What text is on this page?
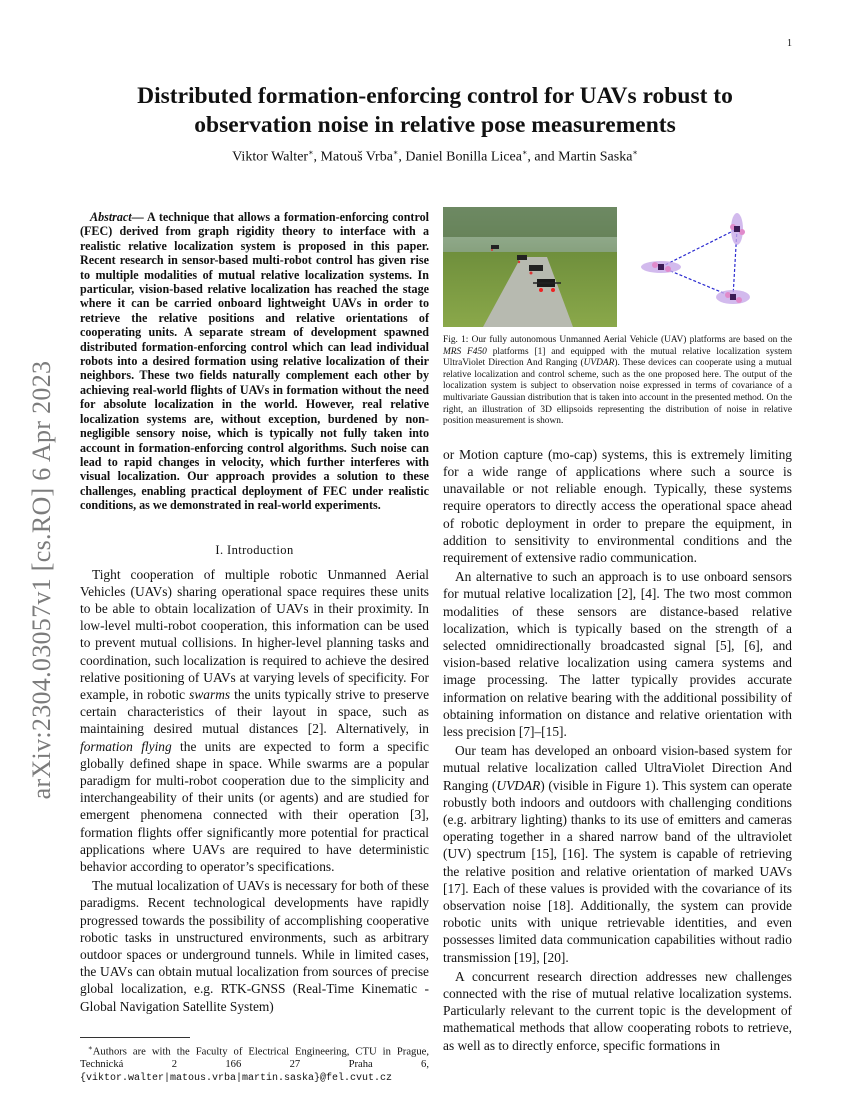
1
arXiv:2304.03057v1 [cs.RO] 6 Apr 2023
Distributed formation-enforcing control for UAVs robust to observation noise in relative pose measurements
Viktor Walter∗, Matouš Vrba∗, Daniel Bonilla Licea∗, and Martin Saska∗

Abstract— A technique that allows a formation-enforcing control (FEC) derived from graph rigidity theory to interface with a realistic relative localization system is proposed in this paper. Recent research in sensor-based multi-robot control has given rise to multiple modalities of mutual relative localization systems. In particular, vision-based relative localization has reached the stage where it can be carried onboard lightweight UAVs in order to retrieve the relative positions and relative orientations of cooperating units. A separate stream of development spawned distributed formation-enforcing control which can lead individual robots into a desired formation using relative localization of their neighbors. These two fields naturally complement each other by achieving real-world flights of UAVs in formation without the need for absolute localization in the world. However, real relative localization systems are, without exception, burdened by non-negligible sensory noise, which is typically not fully taken into account in formation-enforcing control algorithms. Such noise can lead to rapid changes in velocity, which further interferes with visual localization. Our approach provides a solution to these challenges, enabling practical deployment of FEC under realistic conditions, as we demonstrated in real-world experiments.

I. Introduction

Tight cooperation of multiple robotic Unmanned Aerial Vehicles (UAVs) sharing operational space requires these units to be able to obtain localization of UAVs in their proximity. In low-level multi-robot cooperation, this information can be used to prevent mutual collisions. In higher-level planning tasks and coordination, such localization is required to achieve the desired relative positioning of UAVs at varying levels of specificity. For example, in robotic swarms the units typically strive to preserve certain characteristics of their layout in space, such as maintaining desired mutual distances [2]. Alternatively, in formation flying the units are expected to form a specific globally defined shape in space. While swarms are a popular paradigm for multi-robot cooperation due to the simplicity and interchangeability of their units (or agents) and are studied for emergent phenomena connected with their operation [3], formation flights offer significantly more potential for practical applications where UAVs are required to have deterministic behavior according to operator’s specifications.

The mutual localization of UAVs is necessary for both of these paradigms. Recent technological developments have rapidly progressed towards the possibility of accomplishing cooperative robotic tasks in unstructured environments, such as arbitrary outdoor spaces or underground tunnels. While in limited cases, the UAVs can obtain mutual localization from sources of precise global localization, e.g. RTK-GNSS (Real-Time Kinematic - Global Navigation Satellite System)

∗Authors are with the Faculty of Electrical Engineering, CTU in Prague, Technická 2 166 27 Praha 6, {viktor.walter|matous.vrba|martin.saska}@fel.cvut.cz

Fig. 1: Our fully autonomous Unmanned Aerial Vehicle (UAV) platforms are based on the MRS F450 platforms [1] and equipped with the mutual relative localization system UltraViolet Direction And Ranging (UVDAR). These devices can cooperate using a mutual relative localization and control scheme, such as the one proposed here. The output of the localization system is subject to observation noise expressed in terms of covariance of a multivariate Gaussian distribution that is taken into account in the presented method. On the right, an illustration of 3D ellipsoids representing the distribution of noise in relative position measurement is shown.

or Motion capture (mo-cap) systems, this is extremely limiting for a wide range of applications where such a source is unavailable or not reliable enough. Typically, these systems require operators to directly access the operational space ahead of robotic deployment in order to prepare the equipment, in addition to sensitivity to environmental conditions and the requirement of extensive radio communication.

An alternative to such an approach is to use onboard sensors for mutual relative localization [2], [4]. The two most common modalities of these sensors are distance-based relative localization, which is typically based on the strength of a selected omnidirectionally broadcasted signal [5], [6], and vision-based relative localization using camera systems and image processing. The latter typically provides accurate information on relative bearing with the additional possibility of obtaining information on distance and relative orientation with less precision [7]–[15].

Our team has developed an onboard vision-based system for mutual relative localization called UltraViolet Direction And Ranging (UVDAR) (visible in Figure 1). This system can operate robustly both indoors and outdoors with challenging conditions (e.g. arbitrary lighting) thanks to its use of emitters and cameras operating together in a shared narrow band of the ultraviolet (UV) spectrum [15], [16]. The system is capable of retrieving the relative position and relative orientation of marked UAVs [17]. Each of these values is provided with the covariance of its observation noise [18]. Additionally, the system can provide robotic units with unique retrievable identities, and even possesses limited data communication capabilities without radio transmission [19], [20].

A concurrent research direction addresses new challenges connected with the rise of mutual relative localization systems. Particularly relevant to the current topic is the development of mathematical methods that allow cooperating robots to retrieve, as well as to directly enforce, specific formations in
